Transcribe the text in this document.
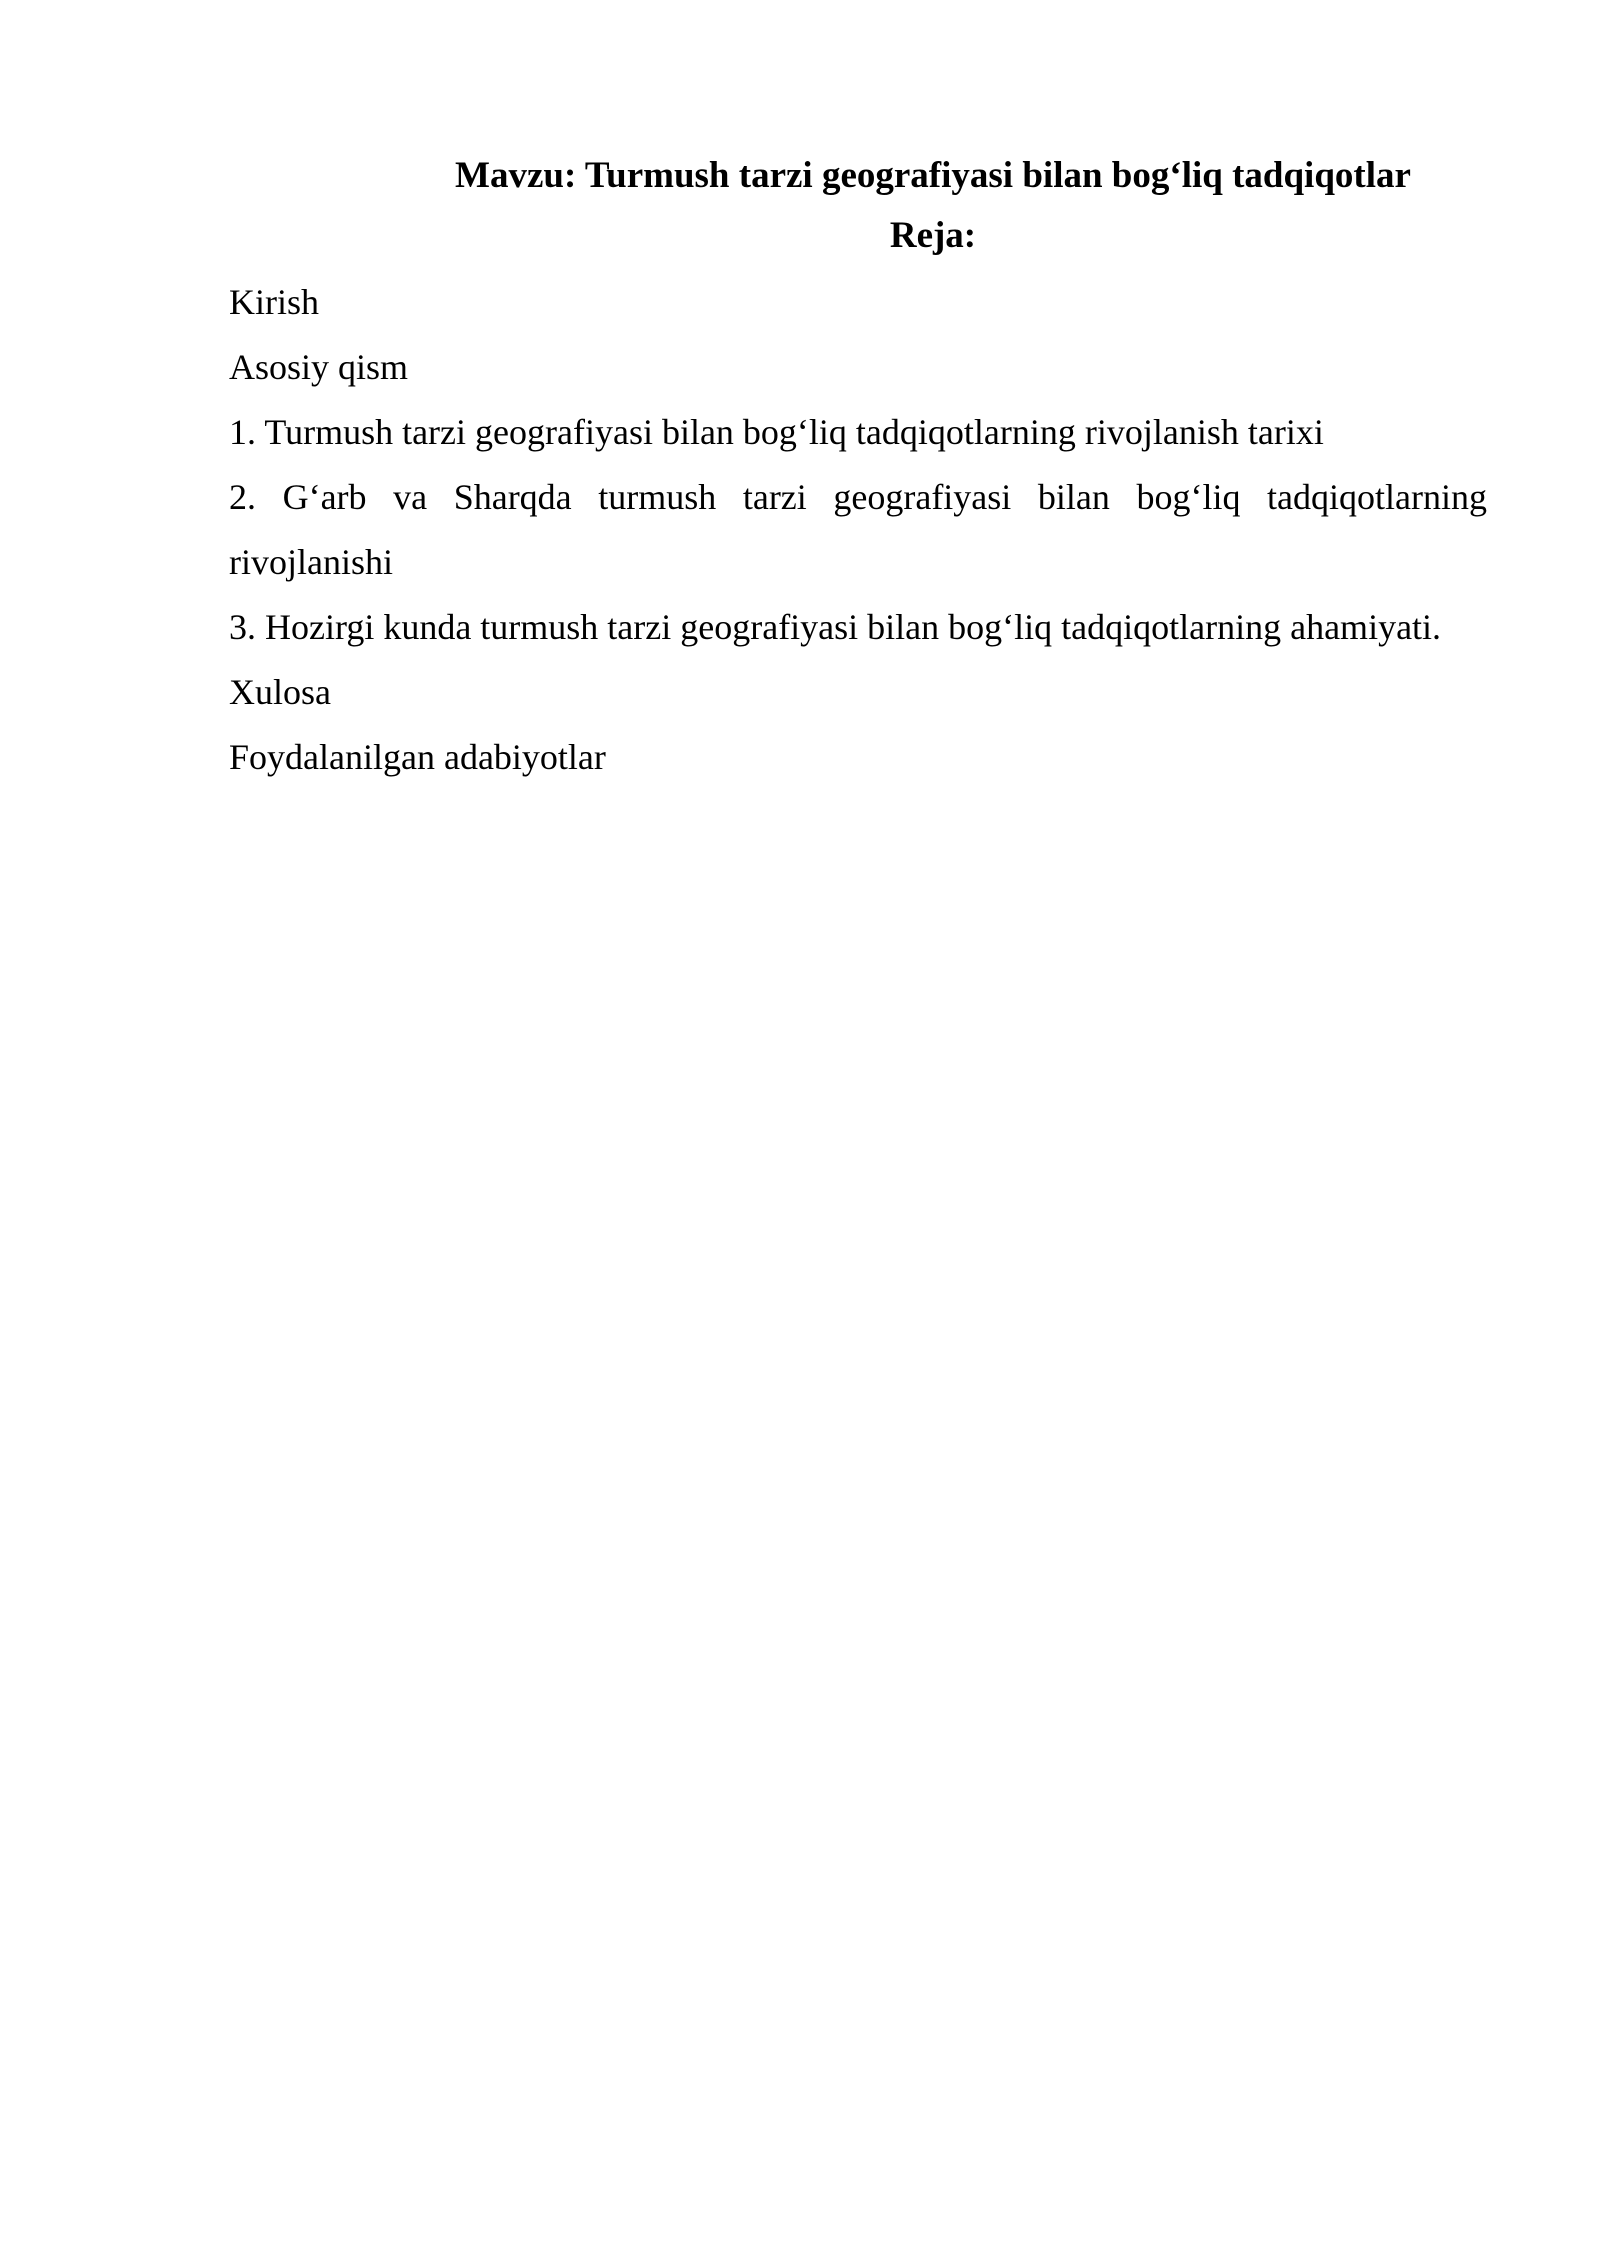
Mavzu: Turmush tarzi geografiyasi bilan bog‘liq tadqiqotlar
Reja:
Kirish
Asosiy qism
1. Turmush tarzi geografiyasi bilan bog‘liq tadqiqotlarning rivojlanish tarixi
2. G‘arb va Sharqda turmush tarzi geografiyasi bilan bog‘liq tadqiqotlarning
rivojlanishi
3. Hozirgi kunda turmush tarzi geografiyasi bilan bog‘liq tadqiqotlarning ahamiyati.
Xulosa
Foydalanilgan adabiyotlar
